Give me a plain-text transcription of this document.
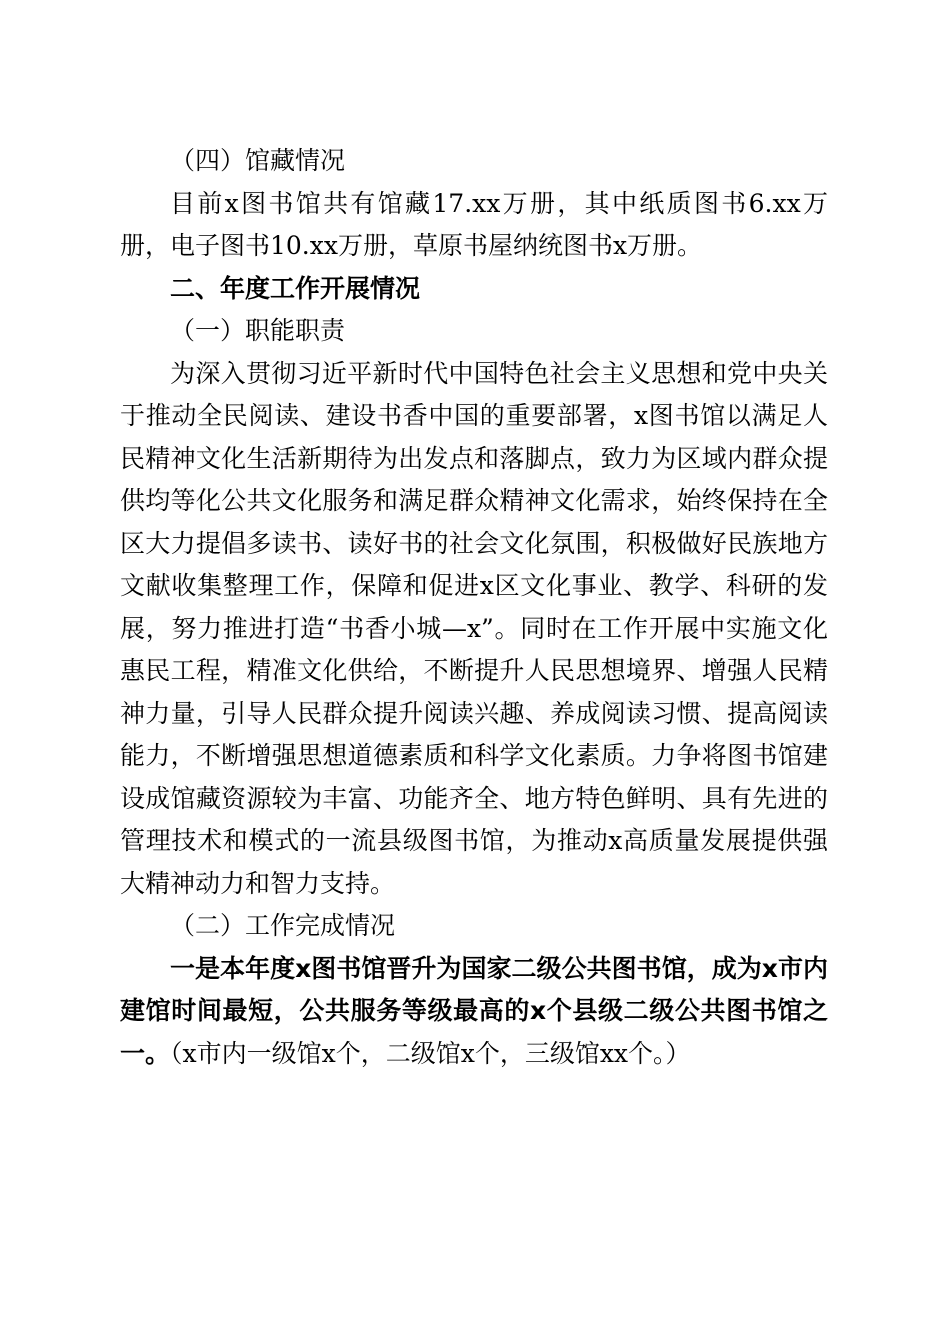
（四）馆藏情况

目前x图书馆共有馆藏17.xx万册，其中纸质图书6.xx万册，电子图书10.xx万册，草原书屋纳统图书x万册。

二、年度工作开展情况

（一）职能职责

为深入贯彻习近平新时代中国特色社会主义思想和党中央关于推动全民阅读、建设书香中国的重要部署，x图书馆以满足人民精神文化生活新期待为出发点和落脚点，致力为区域内群众提供均等化公共文化服务和满足群众精神文化需求，始终保持在全区大力提倡多读书、读好书的社会文化氛围，积极做好民族地方文献收集整理工作，保障和促进x区文化事业、教学、科研的发展，努力推进打造“书香小城—x”。同时在工作开展中实施文化惠民工程，精准文化供给，不断提升人民思想境界、增强人民精神力量，引导人民群众提升阅读兴趣、养成阅读习惯、提高阅读能力，不断增强思想道德素质和科学文化素质。力争将图书馆建设成馆藏资源较为丰富、功能齐全、地方特色鲜明、具有先进的管理技术和模式的一流县级图书馆，为推动x高质量发展提供强大精神动力和智力支持。

（二）工作完成情况

一是本年度x图书馆晋升为国家二级公共图书馆，成为x市内建馆时间最短，公共服务等级最高的x个县级二级公共图书馆之一。（x市内一级馆x个，二级馆x个，三级馆xx个。）
